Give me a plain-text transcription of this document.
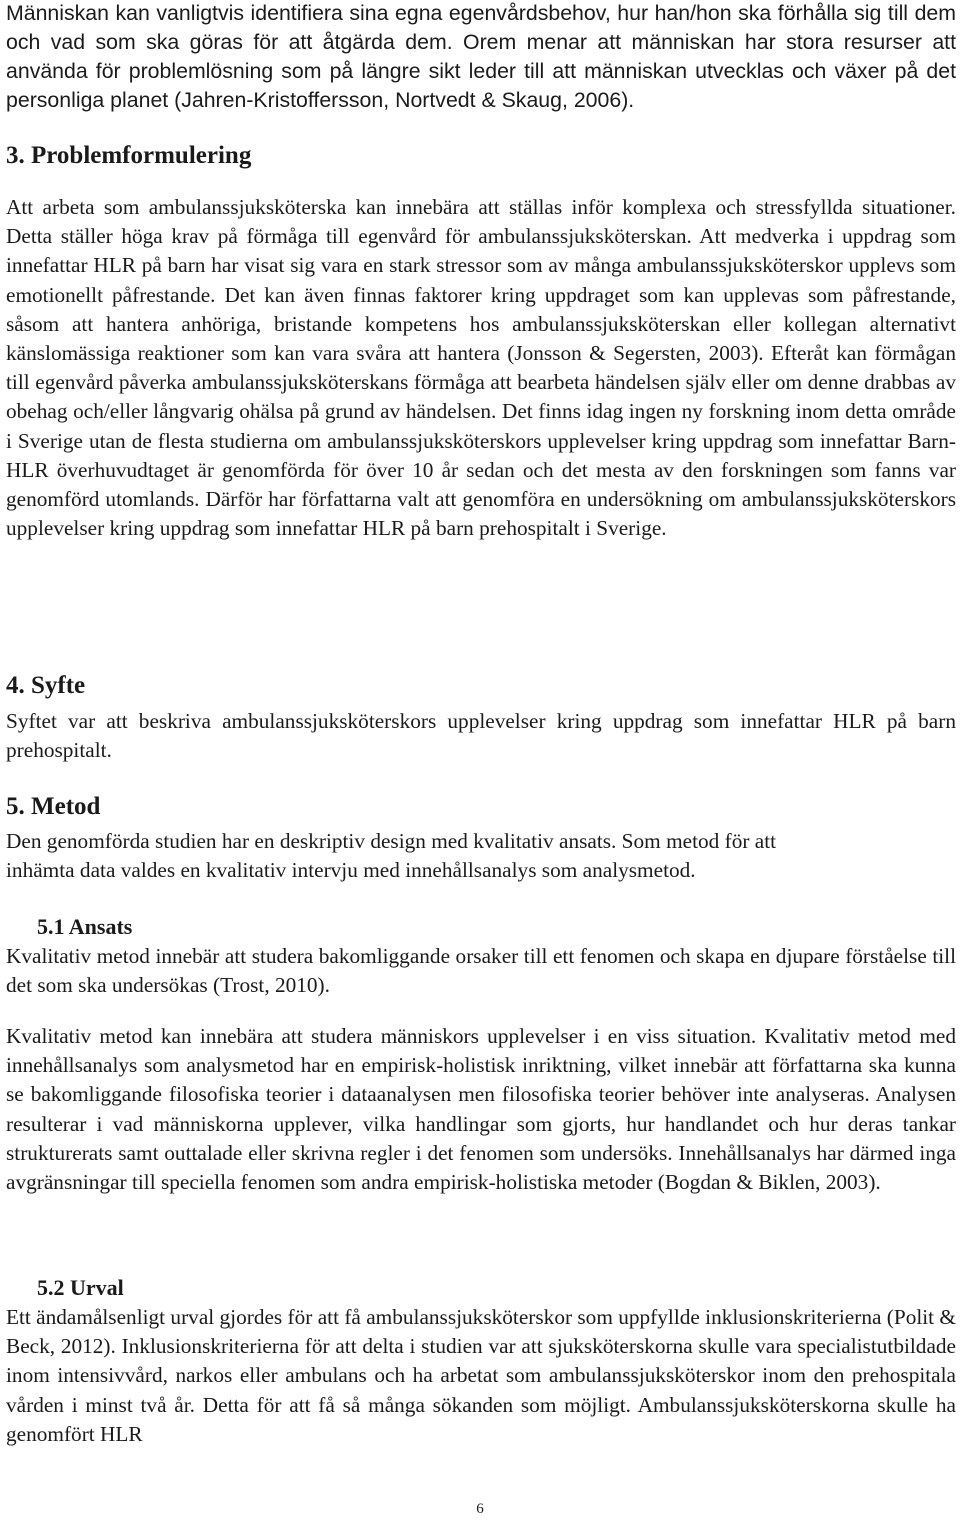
Människan kan vanligtvis identifiera sina egna egenvårdsbehov, hur han/hon ska förhålla sig till dem och vad som ska göras för att åtgärda dem. Orem menar att människan har stora resurser att använda för problemlösning som på längre sikt leder till att människan utvecklas och växer på det personliga planet (Jahren-Kristoffersson, Nortvedt & Skaug, 2006).

3. Problemformulering

Att arbeta som ambulanssjuksköterska kan innebära att ställas inför komplexa och stressfyllda situationer. Detta ställer höga krav på förmåga till egenvård för ambulanssjuksköterskan. Att medverka i uppdrag som innefattar HLR på barn har visat sig vara en stark stressor som av många ambulanssjuksköterskor upplevs som emotionellt påfrestande. Det kan även finnas faktorer kring uppdraget som kan upplevas som påfrestande, såsom att hantera anhöriga, bristande kompetens hos ambulanssjuksköterskan eller kollegan alternativt känslomässiga reaktioner som kan vara svåra att hantera (Jonsson & Segersten, 2003). Efteråt kan förmågan till egenvård påverka ambulanssjuksköterskans förmåga att bearbeta händelsen själv eller om denne drabbas av obehag och/eller långvarig ohälsa på grund av händelsen. Det finns idag ingen ny forskning inom detta område i Sverige utan de flesta studierna om ambulanssjuksköterskors upplevelser kring uppdrag som innefattar Barn-HLR överhuvudtaget är genomförda för över 10 år sedan och det mesta av den forskningen som fanns var genomförd utomlands. Därför har författarna valt att genomföra en undersökning om ambulanssjuksköterskors upplevelser kring uppdrag som innefattar HLR på barn prehospitalt i Sverige.

4. Syfte

Syftet var att beskriva ambulanssjuksköterskors upplevelser kring uppdrag som innefattar HLR på barn prehospitalt.

5. Metod
Den genomförda studien har en deskriptiv design med kvalitativ ansats. Som metod för att
inhämta data valdes en kvalitativ intervju med innehållsanalys som analysmetod.
5.1 Ansats

Kvalitativ metod innebär att studera bakomliggande orsaker till ett fenomen och skapa en djupare förståelse till det som ska undersökas (Trost, 2010).

Kvalitativ metod kan innebära att studera människors upplevelser i en viss situation. Kvalitativ metod med innehållsanalys som analysmetod har en empirisk-holistisk inriktning, vilket innebär att författarna ska kunna se bakomliggande filosofiska teorier i dataanalysen men filosofiska teorier behöver inte analyseras. Analysen resulterar i vad människorna upplever, vilka handlingar som gjorts, hur handlandet och hur deras tankar strukturerats samt outtalade eller skrivna regler i det fenomen som undersöks. Innehållsanalys har därmed inga avgränsningar till speciella fenomen som andra empirisk-holistiska metoder (Bogdan & Biklen, 2003).

5.2 Urval

Ett ändamålsenligt urval gjordes för att få ambulanssjuksköterskor som uppfyllde inklusionskriterierna (Polit & Beck, 2012). Inklusionskriterierna för att delta i studien var att sjuksköterskorna skulle vara specialistutbildade inom intensivvård, narkos eller ambulans och ha arbetat som ambulanssjuksköterskor inom den prehospitala vården i minst två år. Detta för att få så många sökanden som möjligt. Ambulanssjuksköterskorna skulle ha genomfört HLR

6
